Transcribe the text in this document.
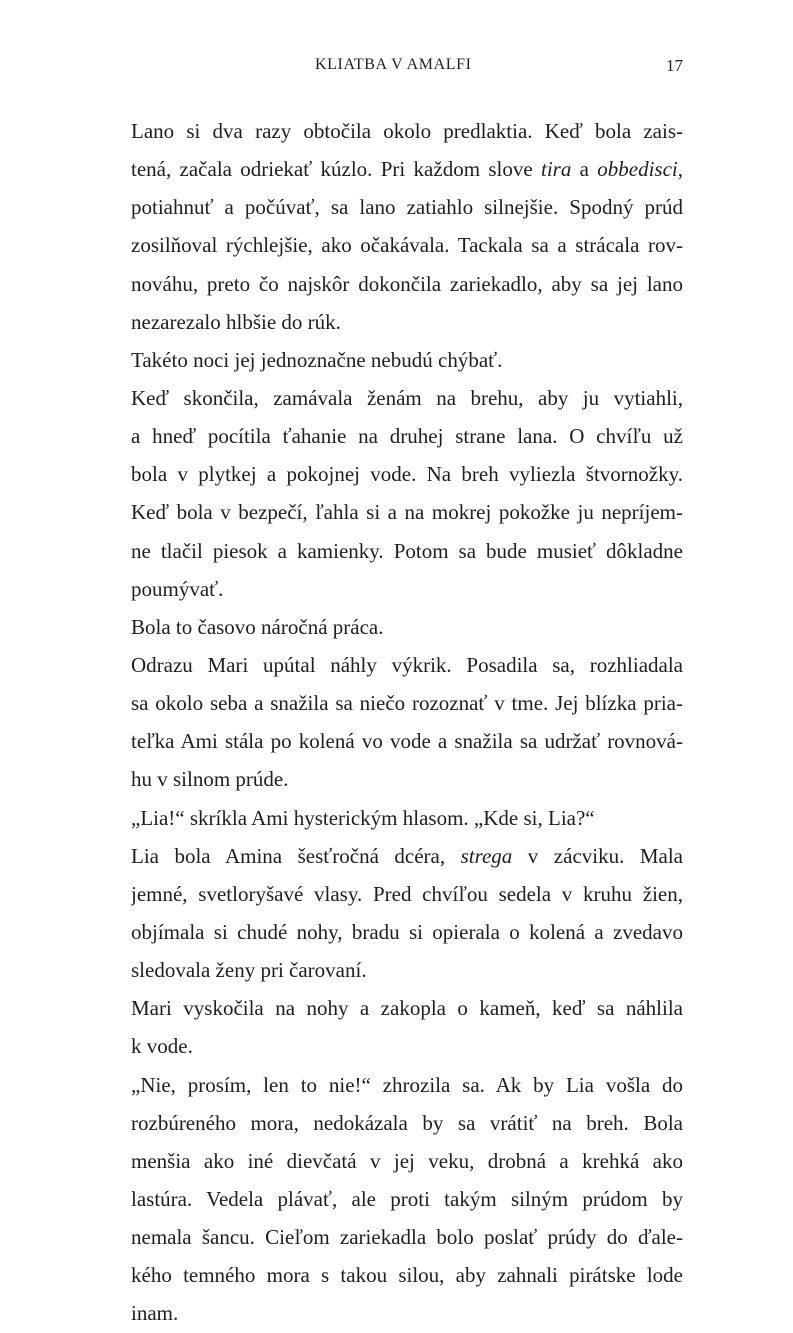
KLIATBA V AMALFI	17
Lano si dva razy obtočila okolo predlaktia. Keď bola zais-
tená, začala odriekať kúzlo. Pri každom slove tira a obbedisci,
potiahnuť a počúvať, sa lano zatiahlo silnejšie. Spodný prúd
zosilňoval rýchlejšie, ako očakávala. Tackala sa a strácala rov-
nováhu, preto čo najskôr dokončila zariekadlo, aby sa jej lano
nezarezalo hlbšie do rúk.
Takéto noci jej jednoznačne nebudú chýbať.
Keď skončila, zamávala ženám na brehu, aby ju vytiahli,
a hneď pocítila ťahanie na druhej strane lana. O chvíľu už
bola v plytkej a pokojnej vode. Na breh vyliezla štvornožky.
Keď bola v bezpečí, ľahla si a na mokrej pokožke ju nepríjem-
ne tlačil piesok a kamienky. Potom sa bude musieť dôkladne
poumývať.
Bola to časovo náročná práca.
Odrazu Mari upútal náhly výkrik. Posadila sa, rozhliadala
sa okolo seba a snažila sa niečo rozoznať v tme. Jej blízka pria-
teľka Ami stála po kolená vo vode a snažila sa udržať rovnová-
hu v silnom prúde.
„Lia!“ skríkla Ami hysterickým hlasom. „Kde si, Lia?“
Lia bola Amina šesťročná dcéra, strega v zácviku. Mala
jemné, svetloryšavé vlasy. Pred chvíľou sedela v kruhu žien,
objímala si chudé nohy, bradu si opierala o kolená a zvedavo
sledovala ženy pri čarovaní.
Mari vyskočila na nohy a zakopla o kameň, keď sa náhlila
k vode.
„Nie, prosím, len to nie!“ zhrozila sa. Ak by Lia vošla do
rozbúreného mora, nedokázala by sa vrátiť na breh. Bola
menšia ako iné dievčatá v jej veku, drobná a krehká ako
lastúra. Vedela plávať, ale proti takým silným prúdom by
nemala šancu. Cieľom zariekadla bolo poslať prúdy do ďale-
kého temného mora s takou silou, aby zahnali pirátske lode
inam.
